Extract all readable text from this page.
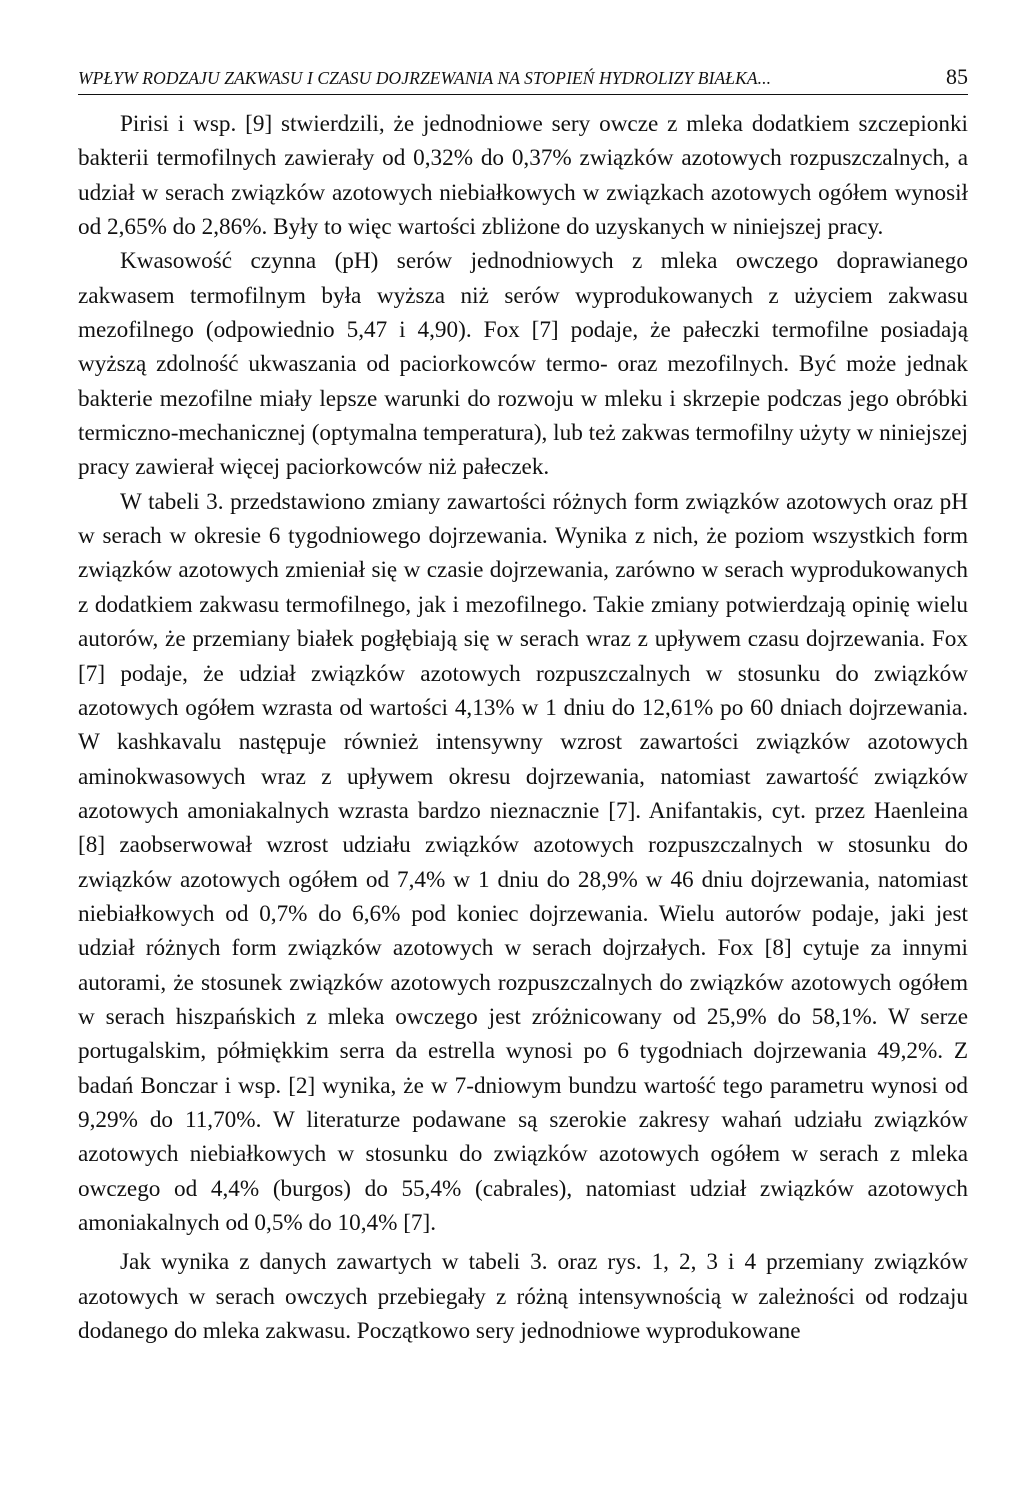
WPŁYW RODZAJU ZAKWASU I CZASU DOJRZEWANIA NA STOPIEŃ HYDROLIZY BIAŁKA...	85

Pirisi i wsp. [9] stwierdzili, że jednodniowe sery owcze z mleka dodatkiem szczepionki bakterii termofilnych zawierały od 0,32% do 0,37% związków azotowych rozpuszczalnych, a udział w serach związków azotowych niebiałkowych w związkach azotowych ogółem wynosił od 2,65% do 2,86%. Były to więc wartości zbliżone do uzyskanych w niniejszej pracy.

Kwasowość czynna (pH) serów jednodniowych z mleka owczego doprawianego zakwasem termofilnym była wyższa niż serów wyprodukowanych z użyciem zakwasu mezofilnego (odpowiednio 5,47 i 4,90). Fox [7] podaje, że pałeczki termofilne posiadają wyższą zdolność ukwaszania od paciorkowców termo- oraz mezofilnych. Być może jednak bakterie mezofilne miały lepsze warunki do rozwoju w mleku i skrzepie podczas jego obróbki termiczno-mechanicznej (optymalna temperatura), lub też zakwas termofilny użyty w niniejszej pracy zawierał więcej paciorkowców niż pałeczek.

W tabeli 3. przedstawiono zmiany zawartości różnych form związków azotowych oraz pH w serach w okresie 6 tygodniowego dojrzewania. Wynika z nich, że poziom wszystkich form związków azotowych zmieniał się w czasie dojrzewania, zarówno w serach wyprodukowanych z dodatkiem zakwasu termofilnego, jak i mezofilnego. Takie zmiany potwierdzają opinię wielu autorów, że przemiany białek pogłębiają się w serach wraz z upływem czasu dojrzewania. Fox [7] podaje, że udział związków azotowych rozpuszczalnych w stosunku do związków azotowych ogółem wzrasta od wartości 4,13% w 1 dniu do 12,61% po 60 dniach dojrzewania. W kashkavalu następuje również intensywny wzrost zawartości związków azotowych aminokwasowych wraz z upływem okresu dojrzewania, natomiast zawartość związków azotowych amoniakalnych wzrasta bardzo nieznacznie [7]. Anifantakis, cyt. przez Haenleina [8] zaobserwował wzrost udziału związków azotowych rozpuszczalnych w stosunku do związków azotowych ogółem od 7,4% w 1 dniu do 28,9% w 46 dniu dojrzewania, natomiast niebiałkowych od 0,7% do 6,6% pod koniec dojrzewania. Wielu autorów podaje, jaki jest udział różnych form związków azotowych w serach dojrzałych. Fox [8] cytuje za innymi autorami, że stosunek związków azotowych rozpuszczalnych do związków azotowych ogółem w serach hiszpańskich z mleka owczego jest zróżnicowany od 25,9% do 58,1%. W serze portugalskim, półmiękkim serra da estrella wynosi po 6 tygodniach dojrzewania 49,2%. Z badań Bonczar i wsp. [2] wynika, że w 7-dniowym bundzu wartość tego parametru wynosi od 9,29% do 11,70%. W literaturze podawane są szerokie zakresy wahań udziału związków azotowych niebiałkowych w stosunku do związków azotowych ogółem w serach z mleka owczego od 4,4% (burgos) do 55,4% (cabrales), natomiast udział związków azotowych amoniakalnych od 0,5% do 10,4% [7].

Jak wynika z danych zawartych w tabeli 3. oraz rys. 1, 2, 3 i 4 przemiany związków azotowych w serach owczych przebiegały z różną intensywnością w zależności od rodzaju dodanego do mleka zakwasu. Początkowo sery jednodniowe wyprodukowane
